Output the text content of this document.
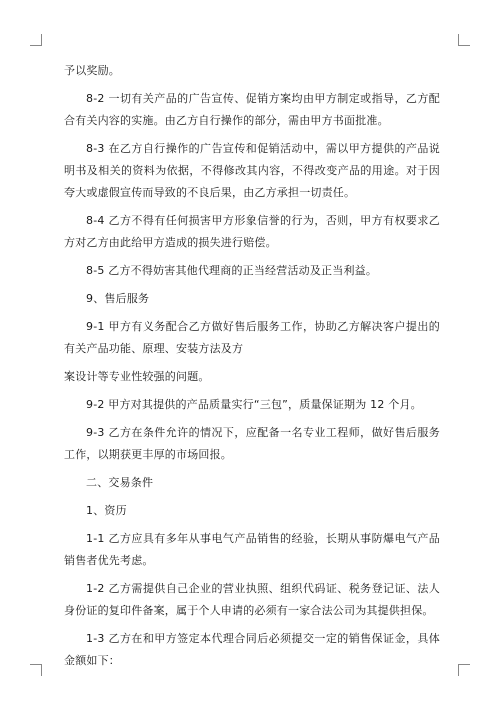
予以奖励。

8-2 一切有关产品的广告宣传、促销方案均由甲方制定或指导，乙方配合有关内容的实施。由乙方自行操作的部分，需由甲方书面批准。

8-3 在乙方自行操作的广告宣传和促销活动中，需以甲方提供的产品说明书及相关的资料为依据，不得修改其内容，不得改变产品的用途。对于因夸大或虚假宣传而导致的不良后果，由乙方承担一切责任。

8-4 乙方不得有任何损害甲方形象信誉的行为，否则，甲方有权要求乙方对乙方由此给甲方造成的损失进行赔偿。

8-5 乙方不得妨害其他代理商的正当经营活动及正当利益。

9、售后服务

9-1 甲方有义务配合乙方做好售后服务工作，协助乙方解决客户提出的有关产品功能、原理、安装方法及方

案设计等专业性较强的问题。

9-2 甲方对其提供的产品质量实行“三包”，质量保证期为 12 个月。

9-3 乙方在条件允许的情况下，应配备一名专业工程师，做好售后服务工作，以期获更丰厚的市场回报。

二、交易条件

1、资历

1-1 乙方应具有多年从事电气产品销售的经验，长期从事防爆电气产品销售者优先考虑。

1-2 乙方需提供自己企业的营业执照、组织代码证、税务登记证、法人身份证的复印件备案，属于个人申请的必须有一家合法公司为其提供担保。

1-3 乙方在和甲方签定本代理合同后必须提交一定的销售保证金，具体金额如下：
